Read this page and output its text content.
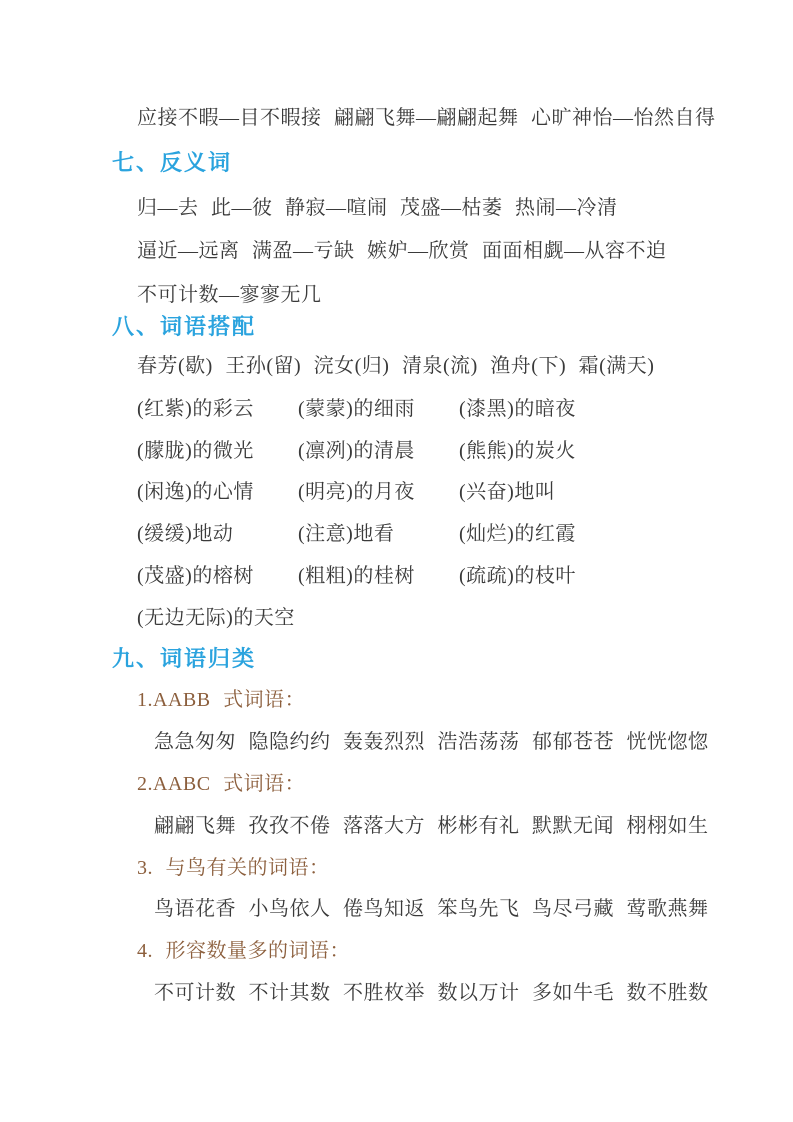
应接不暇—目不暇接 翩翩飞舞—翩翩起舞 心旷神怡—怡然自得
七、反义词
归—去 此—彼 静寂—喧闹 茂盛—枯萎 热闹—冷清
逼近—远离 满盈—亏缺 嫉妒—欣赏 面面相觑—从容不迫
不可计数—寥寥无几
八、词语搭配
春芳(歇) 王孙(留) 浣女(归) 清泉(流) 渔舟(下) 霜(满天)
(红紫)的彩云	(蒙蒙)的细雨	(漆黑)的暗夜
(朦胧)的微光	(凛冽)的清晨	(熊熊)的炭火
(闲逸)的心情	(明亮)的月夜	(兴奋)地叫
(缓缓)地动	(注意)地看	(灿烂)的红霞
(茂盛)的榕树	(粗粗)的桂树	(疏疏)的枝叶
(无边无际)的天空
九、词语归类
1.AABB 式词语：
急急匆匆 隐隐约约 轰轰烈烈 浩浩荡荡 郁郁苍苍 恍恍惚惚
2.AABC 式词语：
翩翩飞舞 孜孜不倦 落落大方 彬彬有礼 默默无闻 栩栩如生
3. 与鸟有关的词语：
鸟语花香 小鸟依人 倦鸟知返 笨鸟先飞 鸟尽弓藏 莺歌燕舞
4. 形容数量多的词语：
不可计数 不计其数 不胜枚举 数以万计 多如牛毛 数不胜数
